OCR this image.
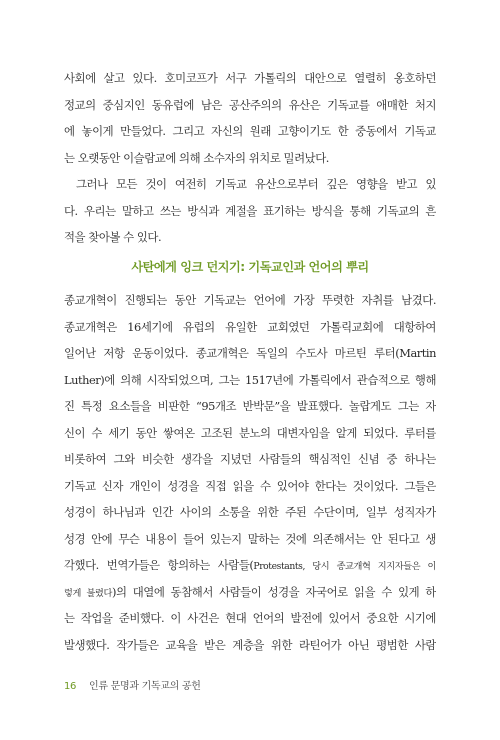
사회에 살고 있다. 호미코프가 서구 가톨릭의 대안으로 열렬히 옹호하던
정교의 중심지인 동유럽에 남은 공산주의의 유산은 기독교를 애매한 처지
에 놓이게 만들었다. 그리고 자신의 원래 고향이기도 한 중동에서 기독교
는 오랫동안 이슬람교에 의해 소수자의 위치로 밀려났다.
그러나 모든 것이 여전히 기독교 유산으로부터 깊은 영향을 받고 있
다. 우리는 말하고 쓰는 방식과 계절을 표기하는 방식을 통해 기독교의 흔
적을 찾아볼 수 있다.
사탄에게 잉크 던지기: 기독교인과 언어의 뿌리
종교개혁이 진행되는 동안 기독교는 언어에 가장 뚜렷한 자취를 남겼다.
종교개혁은 16세기에 유럽의 유일한 교회였던 가톨릭교회에 대항하여
일어난 저항 운동이었다. 종교개혁은 독일의 수도사 마르틴 루터(Martin
Luther)에 의해 시작되었으며, 그는 1517년에 가톨릭에서 관습적으로 행해
진 특정 요소들을 비판한 “95개조 반박문”을 발표했다. 놀랍게도 그는 자
신이 수 세기 동안 쌓여온 고조된 분노의 대변자임을 알게 되었다. 루터를
비롯하여 그와 비슷한 생각을 지녔던 사람들의 핵심적인 신념 중 하나는
기독교 신자 개인이 성경을 직접 읽을 수 있어야 한다는 것이었다. 그들은
성경이 하나님과 인간 사이의 소통을 위한 주된 수단이며, 일부 성직자가
성경 안에 무슨 내용이 들어 있는지 말하는 것에 의존해서는 안 된다고 생
각했다. 번역가들은 항의하는 사람들(Protestants, 당시 종교개혁 지지자들은 이
렇게 불렸다)의 대열에 동참해서 사람들이 성경을 자국어로 읽을 수 있게 하
는 작업을 준비했다. 이 사건은 현대 언어의 발전에 있어서 중요한 시기에
발생했다. 작가들은 교육을 받은 계층을 위한 라틴어가 아닌 평범한 사람
16 인류 문명과 기독교의 공헌
